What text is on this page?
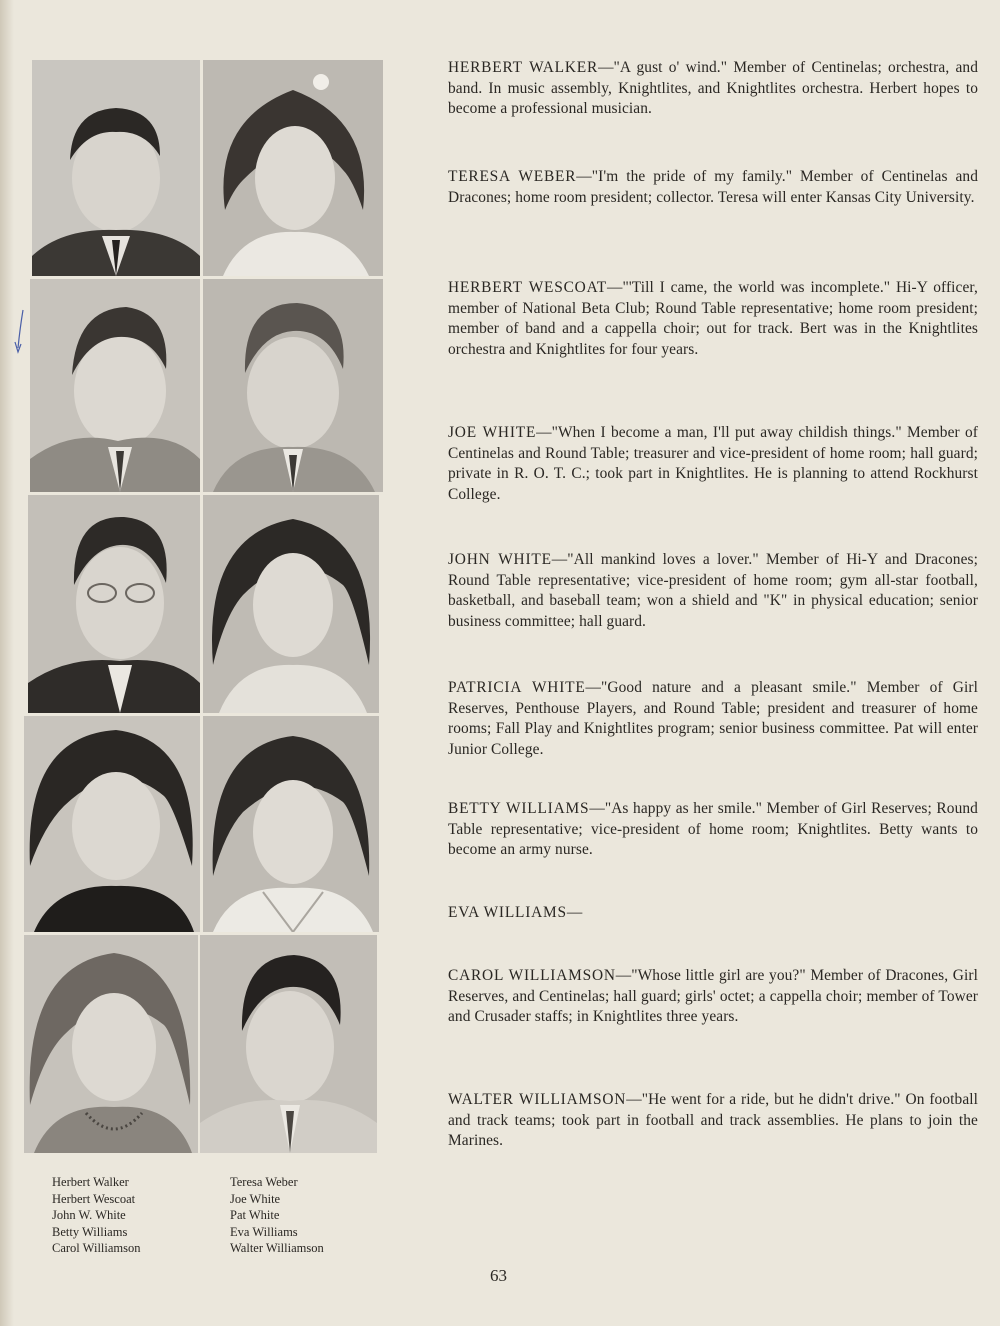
Herbert Walker
Herbert Wescoat
John W. White
Betty Williams
Carol Williamson
Teresa Weber
Joe White
Pat White
Eva Williams
Walter Williamson
HERBERT WALKER—"A gust o' wind." Member of Centinelas; orchestra, and band. In music assembly, Knightlites, and Knightlites orchestra. Herbert hopes to become a professional musician.
TERESA WEBER—"I'm the pride of my family." Member of Centinelas and Dracones; home room president; collector. Teresa will enter Kansas City University.
HERBERT WESCOAT—"'Till I came, the world was incomplete." Hi-Y officer, member of National Beta Club; Round Table representative; home room president; member of band and a cappella choir; out for track. Bert was in the Knightlites orchestra and Knightlites for four years.
JOE WHITE—"When I become a man, I'll put away childish things." Member of Centinelas and Round Table; treasurer and vice-president of home room; hall guard; private in R. O. T. C.; took part in Knightlites. He is planning to attend Rockhurst College.
JOHN WHITE—"All mankind loves a lover." Member of Hi-Y and Dracones; Round Table representative; vice-president of home room; gym all-star football, basketball, and baseball team; won a shield and "K" in physical education; senior business committee; hall guard.
PATRICIA WHITE—"Good nature and a pleasant smile." Member of Girl Reserves, Penthouse Players, and Round Table; president and treasurer of home rooms; Fall Play and Knightlites program; senior business committee. Pat will enter Junior College.
BETTY WILLIAMS—"As happy as her smile." Member of Girl Reserves; Round Table representative; vice-president of home room; Knightlites. Betty wants to become an army nurse.
EVA WILLIAMS—
CAROL WILLIAMSON—"Whose little girl are you?" Member of Dracones, Girl Reserves, and Centinelas; hall guard; girls' octet; a cappella choir; member of Tower and Crusader staffs; in Knightlites three years.
WALTER WILLIAMSON—"He went for a ride, but he didn't drive." On football and track teams; took part in football and track assemblies. He plans to join the Marines.
63
